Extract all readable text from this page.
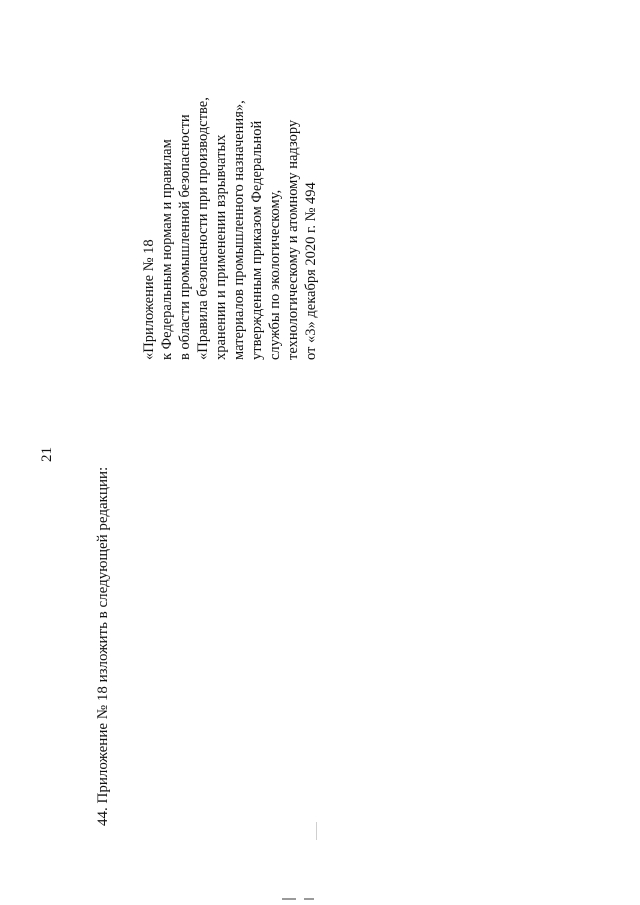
21
44. Приложение № 18 изложить в следующей редакции:
«Приложение № 18 к Федеральным нормам и правилам в области промышленной безопасности «Правила безопасности при производстве, хранении и применении взрывчатых материалов промышленного назначения», утвержденным приказом Федеральной службы по экологическому, технологическому и атомному надзору от «3» декабря 2020 г. № 494
